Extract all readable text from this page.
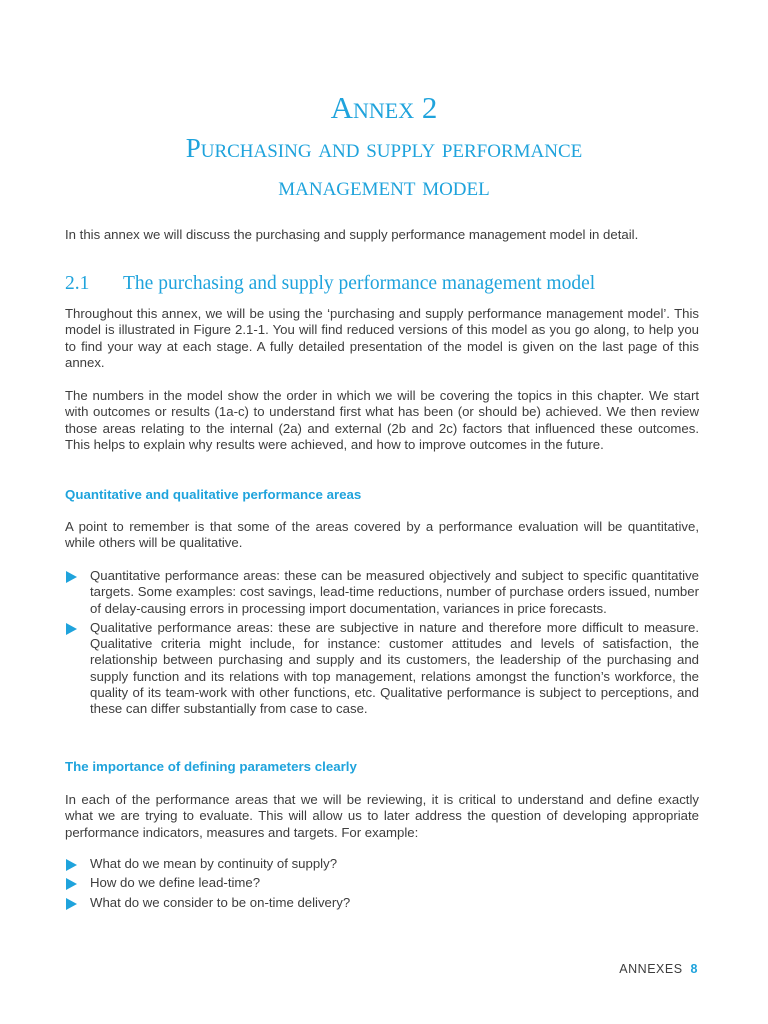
Annex 2
Purchasing and supply performance
management model

In this annex we will discuss the purchasing and supply performance management model in detail.

2.1 The purchasing and supply performance management model

Throughout this annex, we will be using the ‘purchasing and supply performance management model’. This model is illustrated in Figure 2.1-1. You will find reduced versions of this model as you go along, to help you to find your way at each stage. A fully detailed presentation of the model is given on the last page of this annex.

The numbers in the model show the order in which we will be covering the topics in this chapter. We start with outcomes or results (1a-c) to understand first what has been (or should be) achieved. We then review those areas relating to the internal (2a) and external (2b and 2c) factors that influenced these outcomes. This helps to explain why results were achieved, and how to improve outcomes in the future.

Quantitative and qualitative performance areas

A point to remember is that some of the areas covered by a performance evaluation will be quantitative, while others will be qualitative.

Quantitative performance areas: these can be measured objectively and subject to specific quantitative targets. Some examples: cost savings, lead-time reductions, number of purchase orders issued, number of delay-causing errors in processing import documentation, variances in price forecasts.
Qualitative performance areas: these are subjective in nature and therefore more difficult to measure. Qualitative criteria might include, for instance: customer attitudes and levels of satisfaction, the relationship between purchasing and supply and its customers, the leadership of the purchasing and supply function and its relations with top management, relations amongst the function’s workforce, the quality of its team-work with other functions, etc. Qualitative performance is subject to perceptions, and these can differ substantially from case to case.
The importance of defining parameters clearly

In each of the performance areas that we will be reviewing, it is critical to understand and define exactly what we are trying to evaluate. This will allow us to later address the question of developing appropriate performance indicators, measures and targets. For example:

What do we mean by continuity of supply?
How do we define lead-time?
What do we consider to be on-time delivery?
ANNEXES 8
